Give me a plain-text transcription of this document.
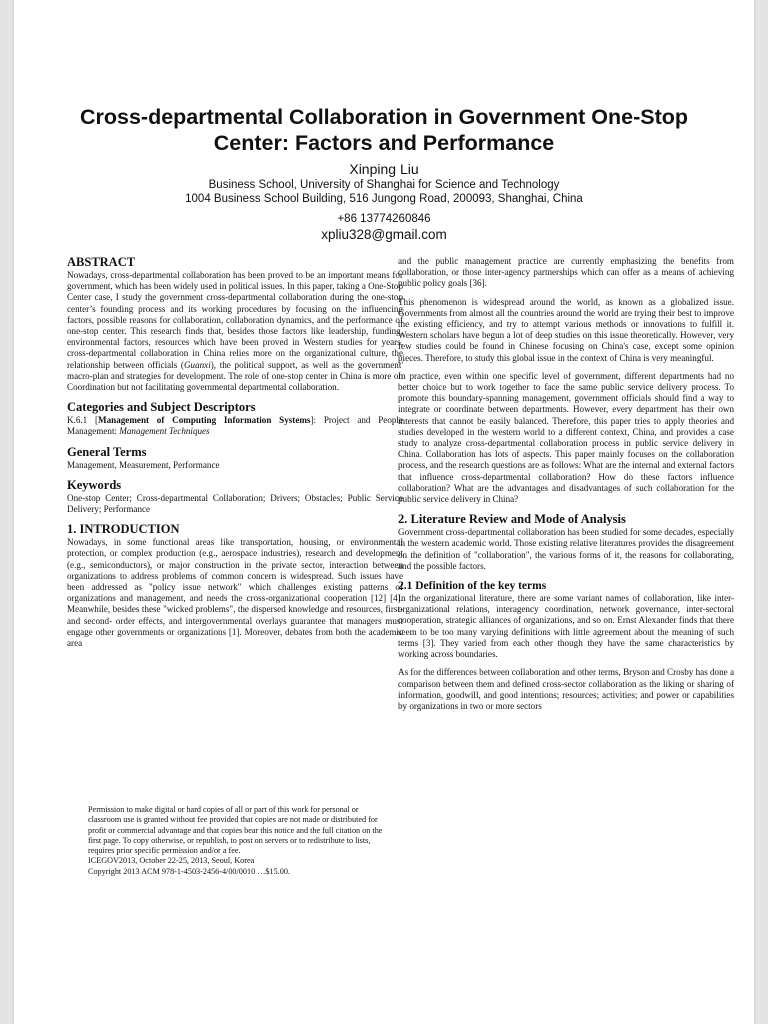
Cross-departmental Collaboration in Government One-Stop Center: Factors and Performance
Xinping Liu
Business School, University of Shanghai for Science and Technology
1004 Business School Building, 516 Jungong Road, 200093, Shanghai, China
+86 13774260846
xpliu328@gmail.com
ABSTRACT

Nowadays, cross-departmental collaboration has been proved to be an important means for government, which has been widely used in political issues. In this paper, taking a One-Stop Center case, I study the government cross-departmental collaboration during the one-stop center’s founding process and its working procedures by focusing on the influencing factors, possible reasons for collaboration, collaboration dynamics, and the performance of one-stop center. This research finds that, besides those factors like leadership, funding, environmental factors, resources which have been proved in Western studies for years, cross-departmental collaboration in China relies more on the organizational culture, the relationship between officials (Guanxi), the political support, as well as the government' macro-plan and strategies for development. The role of one-stop center in China is more on Coordination but not facilitating governmental departmental collaboration.

Categories and Subject Descriptors

K.6.1 [Management of Computing Information Systems]: Project and People Management: Management Techniques

General Terms

Management, Measurement, Performance

Keywords

One-stop Center; Cross-departmental Collaboration; Drivers; Obstacles; Public Service Delivery; Performance

1. INTRODUCTION

Nowadays, in some functional areas like transportation, housing, or environmental protection, or complex production (e.g., aerospace industries), research and development (e.g., semiconductors), or major construction in the private sector, interaction between organizations to address problems of common concern is widespread. Such issues have been addressed as "policy issue network" which challenges existing patterns of organizations and management, and needs the cross-organizational cooperation [12] [4]. Meanwhile, besides these "wicked problems", the dispersed knowledge and resources, first- and second- order effects, and intergovernmental overlays guarantee that managers must engage other governments or organizations [1]. Moreover, debates from both the academic area

Permission to make digital or hard copies of all or part of this work for personal or classroom use is granted without fee provided that copies are not made or distributed for profit or commercial advantage and that copies bear this notice and the full citation on the first page. To copy otherwise, or republish, to post on servers or to redistribute to lists, requires prior specific permission and/or a fee.

ICEGOV2013, October 22-25, 2013, Seoul, Korea

Copyright 2013 ACM 978-1-4503-2456-4/00/0010 …$15.00.

and the public management practice are currently emphasizing the benefits from collaboration, or those inter-agency partnerships which can offer as a means of achieving public policy goals [36].

This phenomenon is widespread around the world, as known as a globalized issue. Governments from almost all the countries around the world are trying their best to improve the existing efficiency, and try to attempt various methods or innovations to fulfill it. Western scholars have begun a lot of deep studies on this issue theoretically. However, very few studies could be found in Chinese focusing on China's case, except some opinion pieces. Therefore, to study this global issue in the context of China is very meaningful.

In practice, even within one specific level of government, different departments had no better choice but to work together to face the same public service delivery process. To promote this boundary-spanning management, government officials should find a way to integrate or coordinate between departments. However, every department has their own interests that cannot be easily balanced. Therefore, this paper tries to apply theories and studies developed in the western world to a different context, China, and provides a case study to analyze cross-departmental collaboration process in public service delivery in China. Collaboration has lots of aspects. This paper mainly focuses on the collaboration process, and the research questions are as follows: What are the internal and external factors that influence cross-departmental collaboration? How do these factors influence collaboration? What are the advantages and disadvantages of such collaboration for the public service delivery in China?

2. Literature Review and Mode of Analysis

Government cross-departmental collaboration has been studied for some decades, especially in the western academic world. Those existing relative literatures provides the disagreement on the definition of "collaboration", the various forms of it, the reasons for collaborating, and the possible factors.

2.1 Definition of the key terms

In the organizational literature, there are some variant names of collaboration, like inter-organizational relations, interagency coordination, network governance, inter-sectoral cooperation, strategic alliances of organizations, and so on. Ernst Alexander finds that there seem to be too many varying definitions with little agreement about the meaning of such terms [3]. They varied from each other though they have the same characteristics by working across boundaries.

As for the differences between collaboration and other terms, Bryson and Crosby has done a comparison between them and defined cross-sector collaboration as the liking or sharing of information, goodwill, and good intentions; resources; activities; and power or capabilities by organizations in two or more sectors
